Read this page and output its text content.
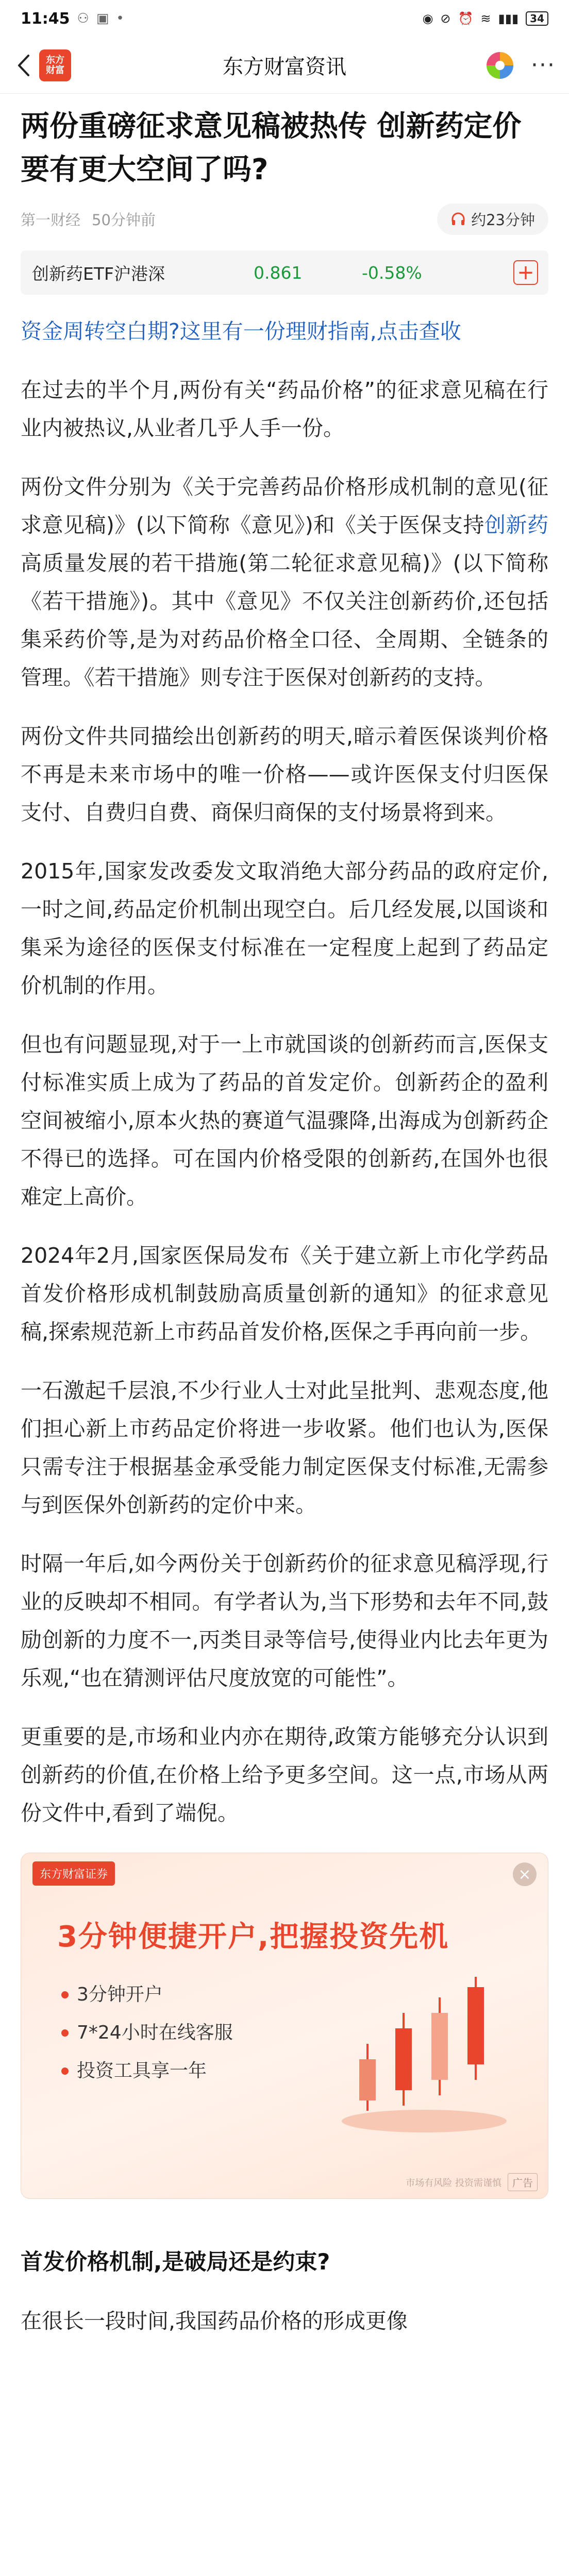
11:45 ⚇ ▣ •	◉ ⊘ ⏰ ≋ ▮▮▮ 34
东方
财富	东方财富资讯	···
两份重磅征求意见稿被热传 创新药定价要有更大空间了吗?
第一财经 50分钟前	约23分钟
创新药ETF沪港深	0.861	-0.58%	+
资金周转空白期?这里有一份理财指南,点击查收

在过去的半个月,两份有关“药品价格”的征求意见稿在行业内被热议,从业者几乎人手一份。

两份文件分别为《关于完善药品价格形成机制的意见(征求意见稿)》(以下简称《意见》)和《关于医保支持创新药高质量发展的若干措施(第二轮征求意见稿)》(以下简称《若干措施》)。其中《意见》不仅关注创新药价,还包括集采药价等,是为对药品价格全口径、全周期、全链条的管理。《若干措施》则专注于医保对创新药的支持。

两份文件共同描绘出创新药的明天,暗示着医保谈判价格不再是未来市场中的唯一价格——或许医保支付归医保支付、自费归自费、商保归商保的支付场景将到来。

2015年,国家发改委发文取消绝大部分药品的政府定价,一时之间,药品定价机制出现空白。后几经发展,以国谈和集采为途径的医保支付标准在一定程度上起到了药品定价机制的作用。

但也有问题显现,对于一上市就国谈的创新药而言,医保支付标准实质上成为了药品的首发定价。创新药企的盈利空间被缩小,原本火热的赛道气温骤降,出海成为创新药企不得已的选择。可在国内价格受限的创新药,在国外也很难定上高价。

2024年2月,国家医保局发布《关于建立新上市化学药品首发价格形成机制鼓励高质量创新的通知》的征求意见稿,探索规范新上市药品首发价格,医保之手再向前一步。

一石激起千层浪,不少行业人士对此呈批判、悲观态度,他们担心新上市药品定价将进一步收紧。他们也认为,医保只需专注于根据基金承受能力制定医保支付标准,无需参与到医保外创新药的定价中来。

时隔一年后,如今两份关于创新药价的征求意见稿浮现,行业的反映却不相同。有学者认为,当下形势和去年不同,鼓励创新的力度不一,丙类目录等信号,使得业内比去年更为乐观,“也在猜测评估尺度放宽的可能性”。

更重要的是,市场和业内亦在期待,政策方能够充分认识到创新药的价值,在价格上给予更多空间。这一点,市场从两份文件中,看到了端倪。

东方财富证券	×
3分钟便捷开户,把握投资先机
3分钟开户
7*24小时在线客服
投资工具享一年
市场有风险 投资需谨慎	广告
首发价格机制,是破局还是约束?

在很长一段时间,我国药品价格的形成更像
